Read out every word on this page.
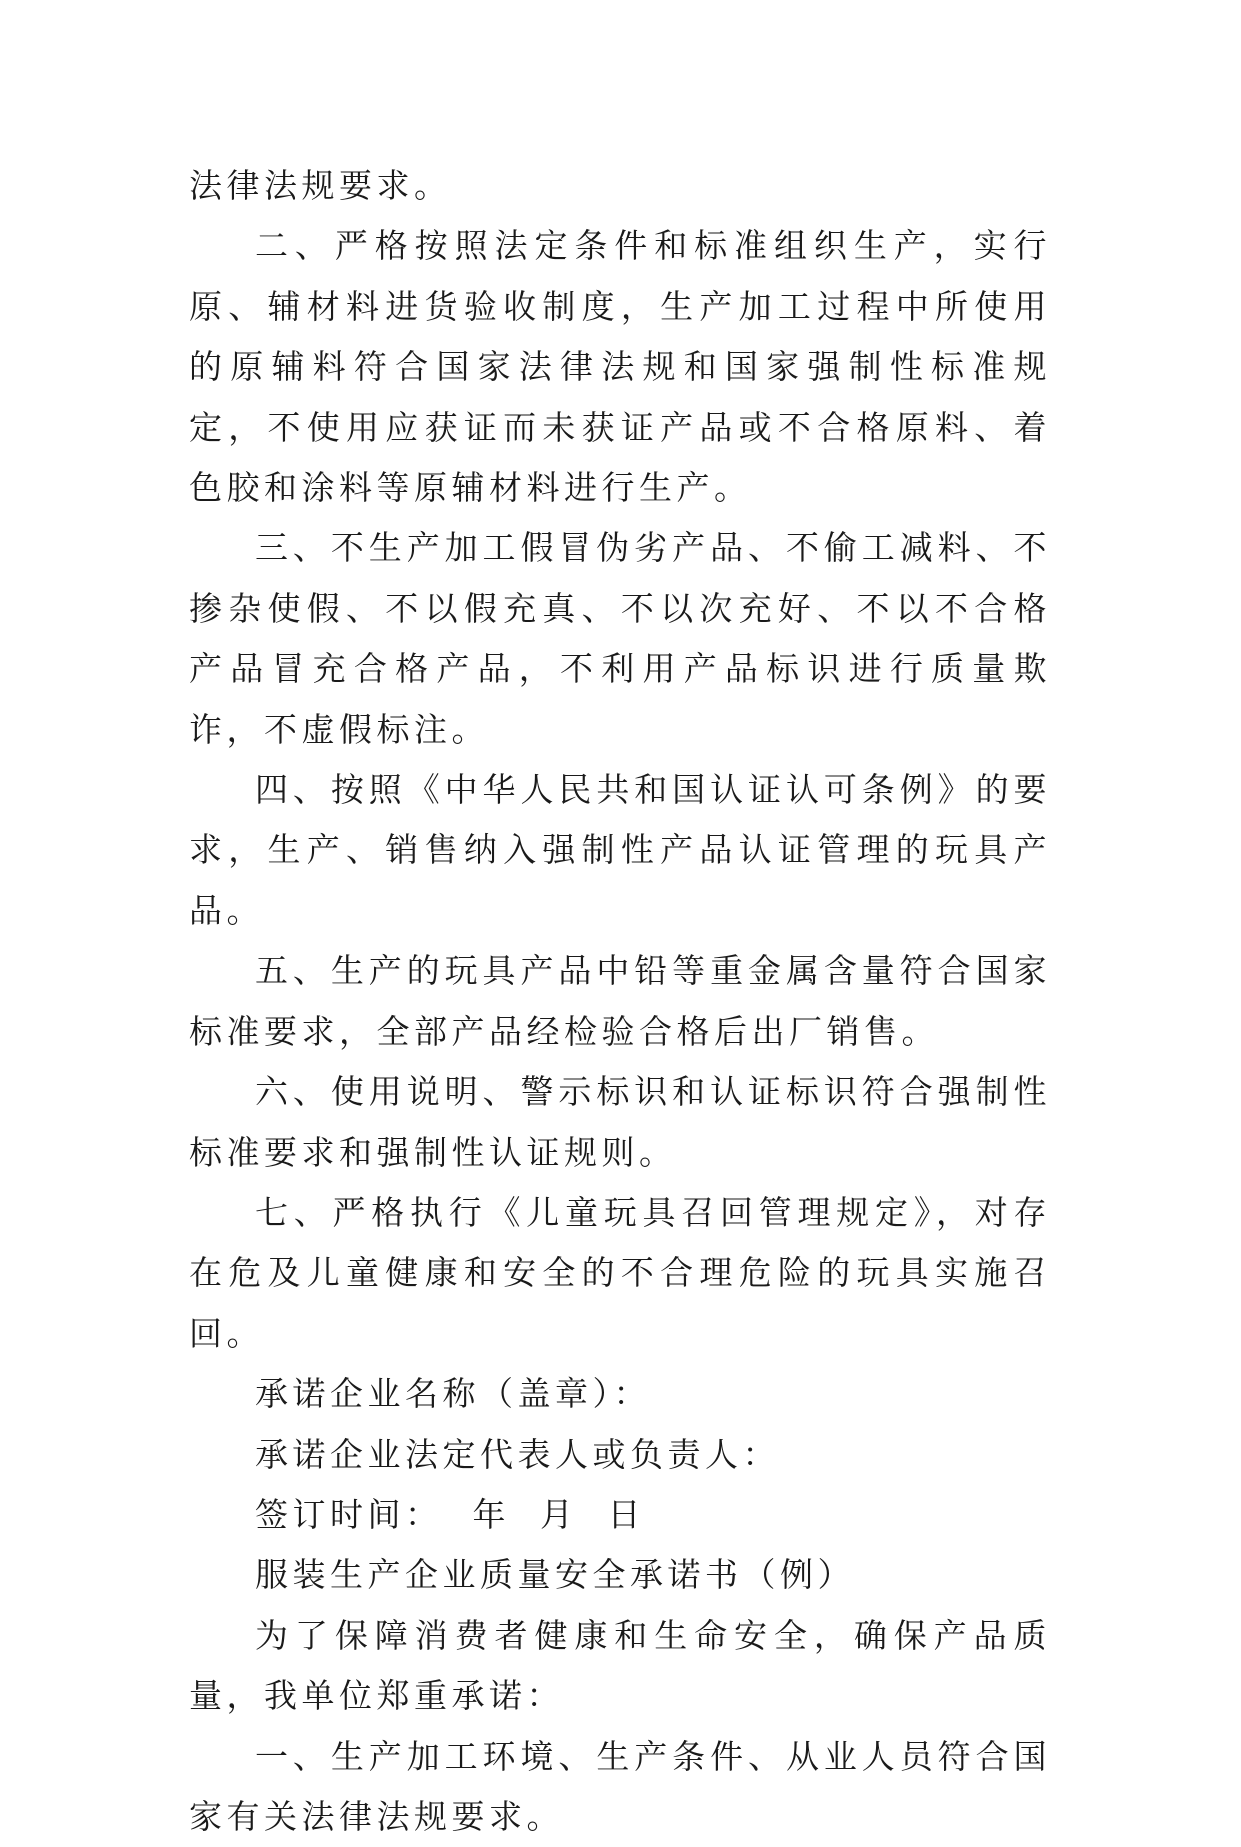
法律法规要求。

二、严格按照法定条件和标准组织生产，实行原、辅材料进货验收制度，生产加工过程中所使用的原辅料符合国家法律法规和国家强制性标准规定，不使用应获证而未获证产品或不合格原料、着色胶和涂料等原辅材料进行生产。

三、不生产加工假冒伪劣产品、不偷工减料、不掺杂使假、不以假充真、不以次充好、不以不合格产品冒充合格产品，不利用产品标识进行质量欺诈，不虚假标注。

四、按照《中华人民共和国认证认可条例》的要求，生产、销售纳入强制性产品认证管理的玩具产品。

五、生产的玩具产品中铅等重金属含量符合国家标准要求，全部产品经检验合格后出厂销售。

六、使用说明、警示标识和认证标识符合强制性标准要求和强制性认证规则。

七、严格执行《儿童玩具召回管理规定》，对存在危及儿童健康和安全的不合理危险的玩具实施召回。

承诺企业名称（盖章）：

承诺企业法定代表人或负责人：

签订时间：  年  月  日

服装生产企业质量安全承诺书（例）

为了保障消费者健康和生命安全，确保产品质量，我单位郑重承诺：

一、生产加工环境、生产条件、从业人员符合国家有关法律法规要求。
